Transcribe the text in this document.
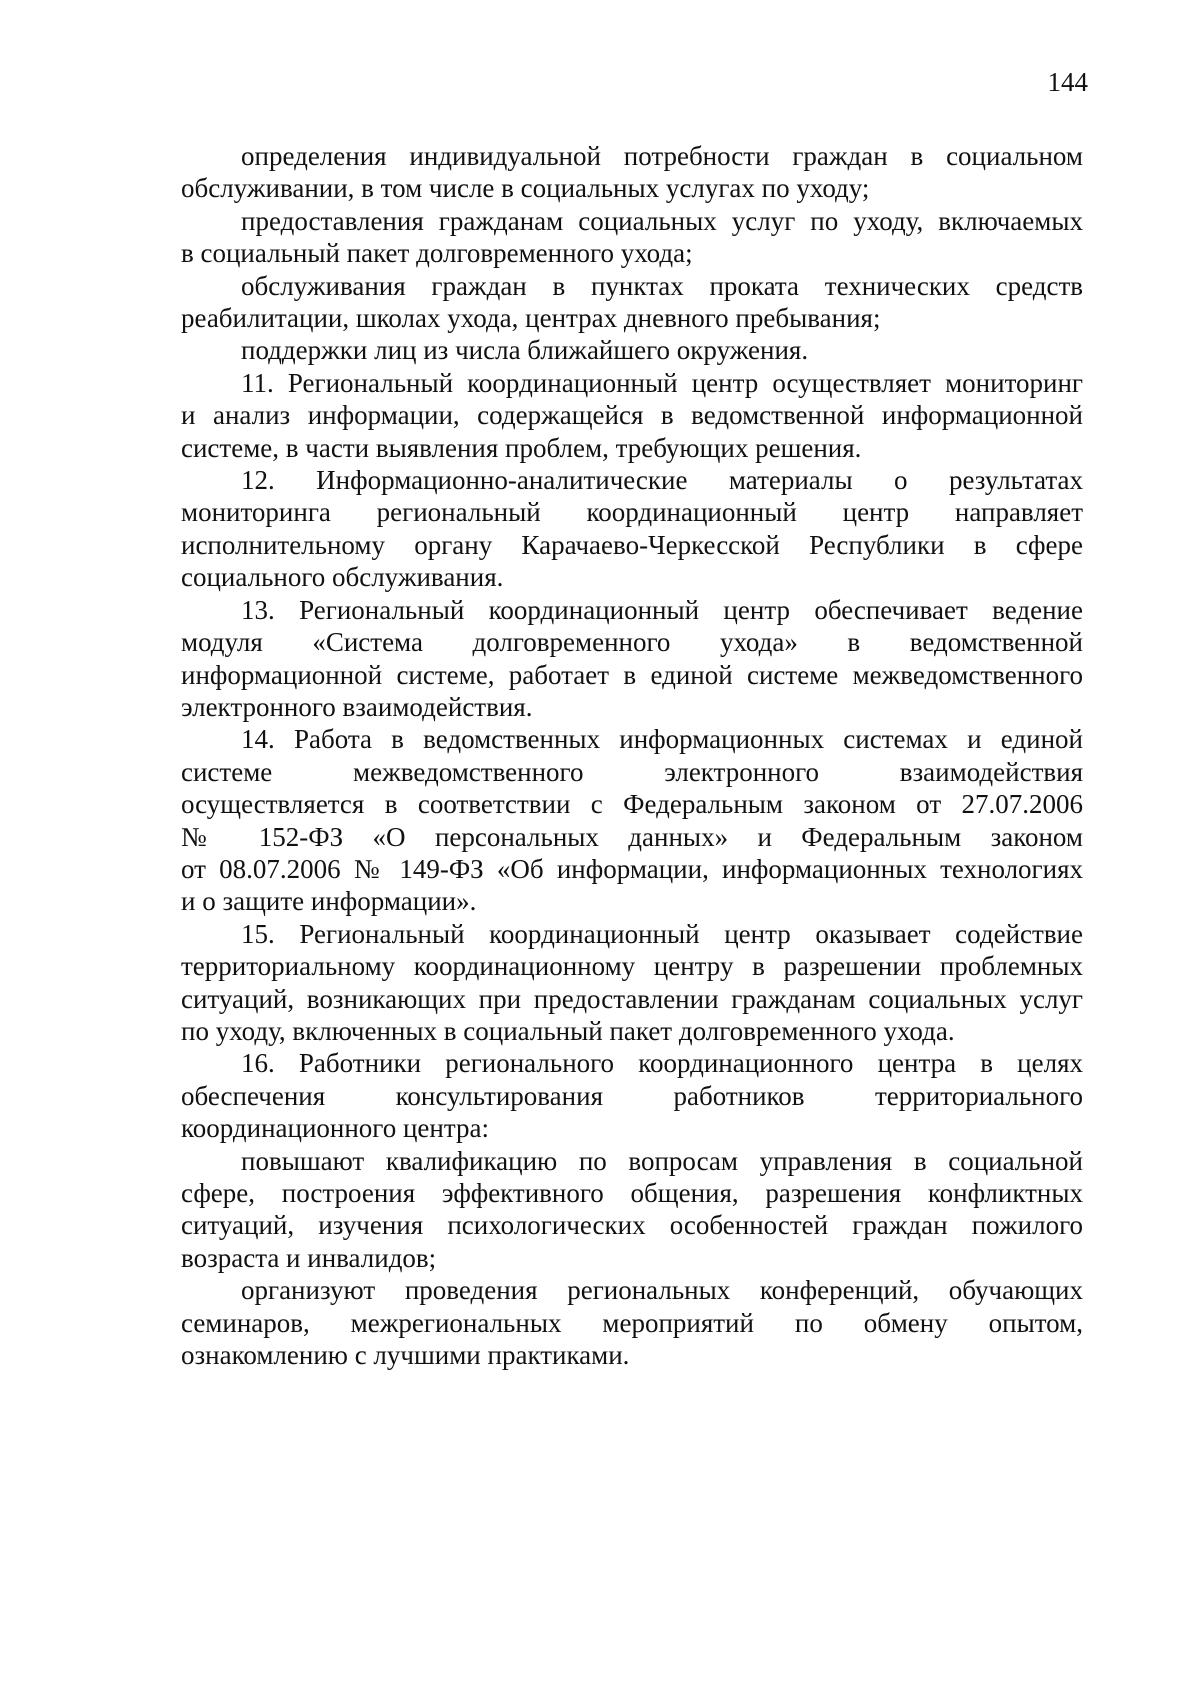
144

определения индивидуальной потребности граждан в социальном
обслуживании, в том числе в социальных услугах по уходу;

предоставления гражданам социальных услуг по уходу, включаемых
в социальный пакет долговременного ухода;

обслуживания граждан в пунктах проката технических средств
реабилитации, школах ухода, центрах дневного пребывания;

поддержки лиц из числа ближайшего окружения.

11. Региональный координационный центр осуществляет мониторинг
и анализ информации, содержащейся в ведомственной информационной
системе, в части выявления проблем, требующих решения.

12. Информационно-аналитические материалы о результатах
мониторинга региональный координационный центр направляет
исполнительному органу Карачаево-Черкесской Республики в сфере
социального обслуживания.

13. Региональный координационный центр обеспечивает ведение
модуля «Система долговременного ухода» в ведомственной
информационной системе, работает в единой системе межведомственного
электронного взаимодействия.

14. Работа в ведомственных информационных системах и единой
системе межведомственного электронного взаимодействия
осуществляется в соответствии с Федеральным законом от 27.07.2006
№ 152-ФЗ «О персональных данных» и Федеральным законом
от 08.07.2006 № 149-ФЗ «Об информации, информационных технологиях
и о защите информации».

15. Региональный координационный центр оказывает содействие
территориальному координационному центру в разрешении проблемных
ситуаций, возникающих при предоставлении гражданам социальных услуг
по уходу, включенных в социальный пакет долговременного ухода.

16. Работники регионального координационного центра в целях
обеспечения консультирования работников территориального
координационного центра:

повышают квалификацию по вопросам управления в социальной
сфере, построения эффективного общения, разрешения конфликтных
ситуаций, изучения психологических особенностей граждан пожилого
возраста и инвалидов;

организуют проведения региональных конференций, обучающих
семинаров, межрегиональных мероприятий по обмену опытом,
ознакомлению с лучшими практиками.
